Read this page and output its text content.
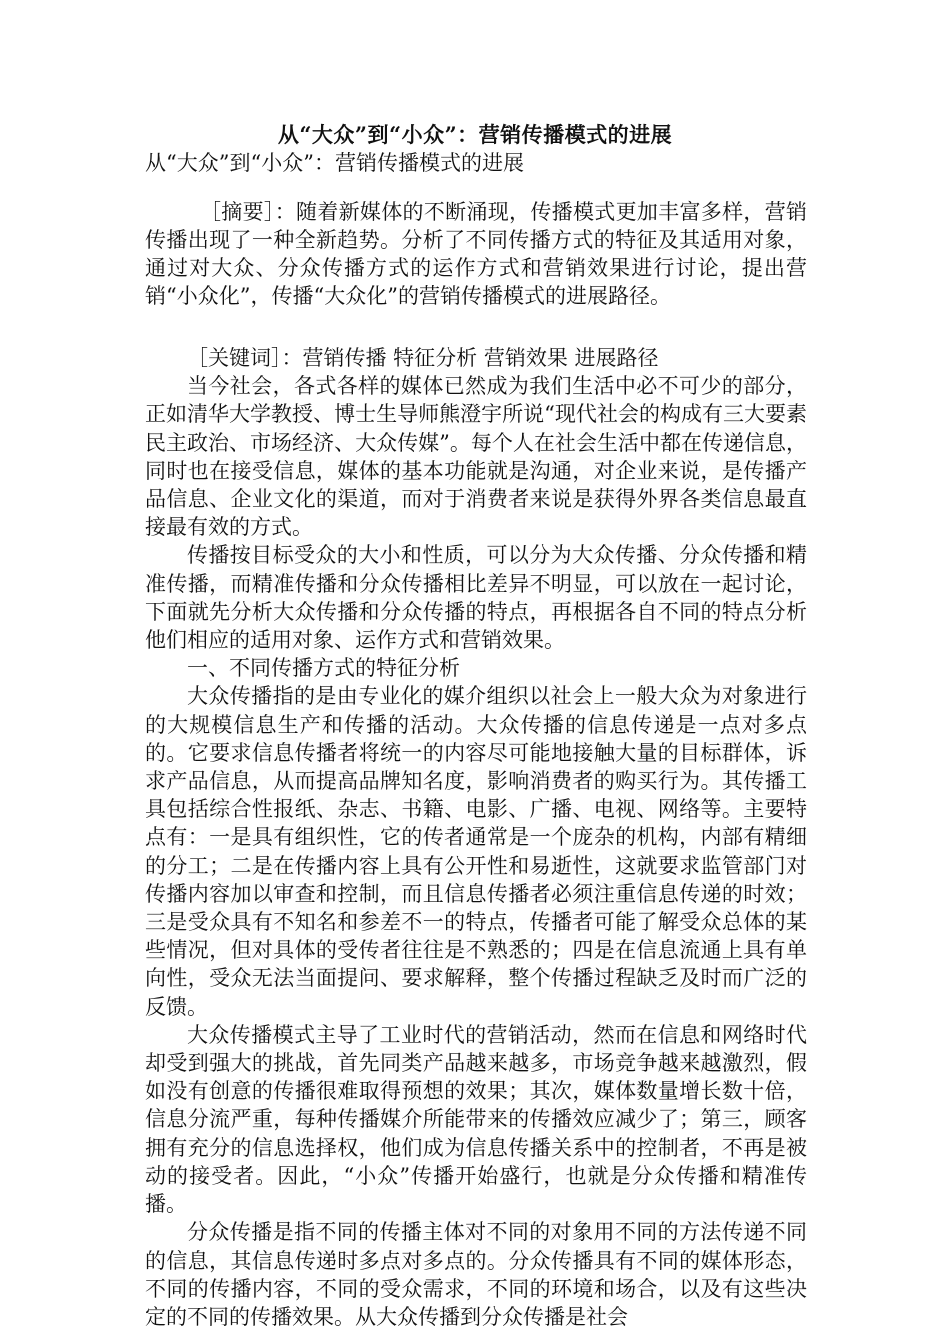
从“大众”到“小众”：营销传播模式的进展
从“大众”到“小众”：营销传播模式的进展

［摘要］：随着新媒体的不断涌现，传播模式更加丰富多样，营销传播出现了一种全新趋势。分析了不同传播方式的特征及其适用对象，通过对大众、分众传播方式的运作方式和营销效果进行讨论，提出营销“小众化”，传播“大众化”的营销传播模式的进展路径。

［关键词］：营销传播 特征分析 营销效果 进展路径

当今社会，各式各样的媒体已然成为我们生活中必不可少的部分，正如清华大学教授、博士生导师熊澄宇所说“现代社会的构成有三大要素民主政治、市场经济、大众传媒”。每个人在社会生活中都在传递信息， 同时也在接受信息，媒体的基本功能就是沟通，对企业来说，是传播产品信息、企业文化的渠道，而对于消费者来说是获得外界各类信息最直接最有效的方式。

传播按目标受众的大小和性质，可以分为大众传播、分众传播和精准传播，而精准传播和分众传播相比差异不明显，可以放在一起讨论，下面就先分析大众传播和分众传播的特点，再根据各自不同的特点分析他们相应的适用对象、运作方式和营销效果。

一、不同传播方式的特征分析

大众传播指的是由专业化的媒介组织以社会上一般大众为对象进行的大规模信息生产和传播的活动。大众传播的信息传递是一点对多点的。它要求信息传播者将统一的内容尽可能地接触大量的目标群体，诉求产品信息，从而提高品牌知名度，影响消费者的购买行为。其传播工具包括综合性报纸、杂志、书籍、电影、广播、电视、网络等。主要特点有：一是具有组织性，它的传者通常是一个庞杂的机构，内部有精细的分工；二是在传播内容上具有公开性和易逝性，这就要求监管部门对传播内容加以审查和控制，而且信息传播者必须注重信息传递的时效；三是受众具有不知名和参差不一的特点，传播者可能了解受众总体的某些情况，但对具体的受传者往往是不熟悉的；四是在信息流通上具有单向性，受众无法当面提问、要求解释，整个传播过程缺乏及时而广泛的反馈。

大众传播模式主导了工业时代的营销活动，然而在信息和网络时代却受到强大的挑战，首先同类产品越来越多，市场竞争越来越激烈，假如没有创意的传播很难取得预想的效果；其次，媒体数量增长数十倍，信息分流严重，每种传播媒介所能带来的传播效应减少了；第三，顾客拥有充分的信息选择权，他们成为信息传播关系中的控制者，不再是被动的接受者。因此，“小众”传播开始盛行，也就是分众传播和精准传播。

分众传播是指不同的传播主体对不同的对象用不同的方法传递不同的信息，其信息传递时多点对多点的。分众传播具有不同的媒体形态，不同的传播内容，不同的受众需求，不同的环境和场合，以及有这些决定的不同的传播效果。从大众传播到分众传播是社会
